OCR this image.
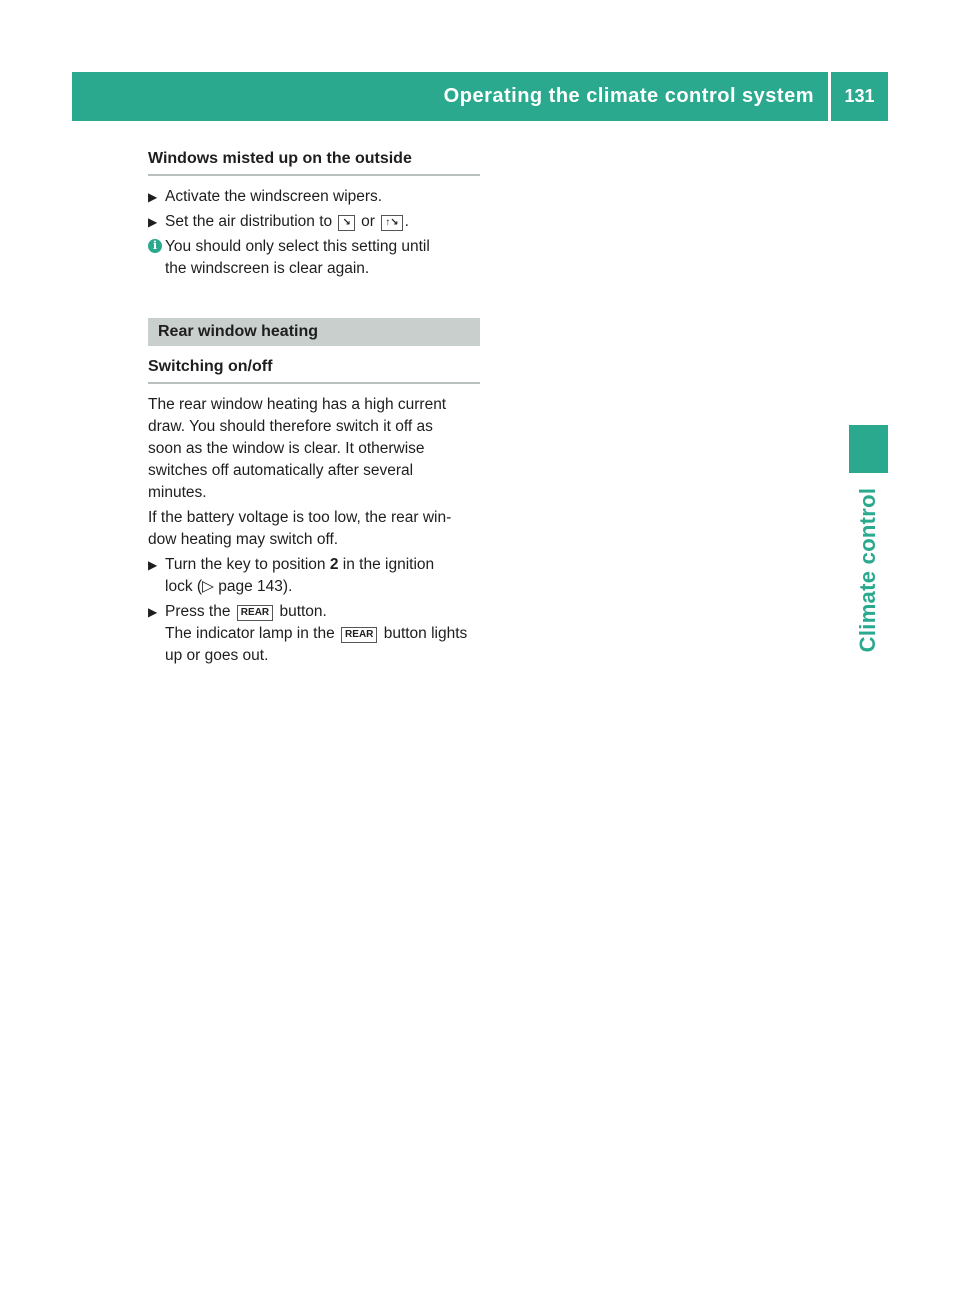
Operating the climate control system	131
Climate control
Windows misted up on the outside
▶ Activate the windscreen wipers.
▶ Set the air distribution to ↘ or ↑↘ .
i You should only select this setting until
the windscreen is clear again.
Rear window heating
Switching on/off
The rear window heating has a high current
draw. You should therefore switch it off as
soon as the window is clear. It otherwise
switches off automatically after several
minutes.
If the battery voltage is too low, the rear win-
dow heating may switch off.
▶ Turn the key to position 2 in the ignition
lock (▷ page 143).
▶ Press the REAR button.
The indicator lamp in the REAR button lights
up or goes out.
